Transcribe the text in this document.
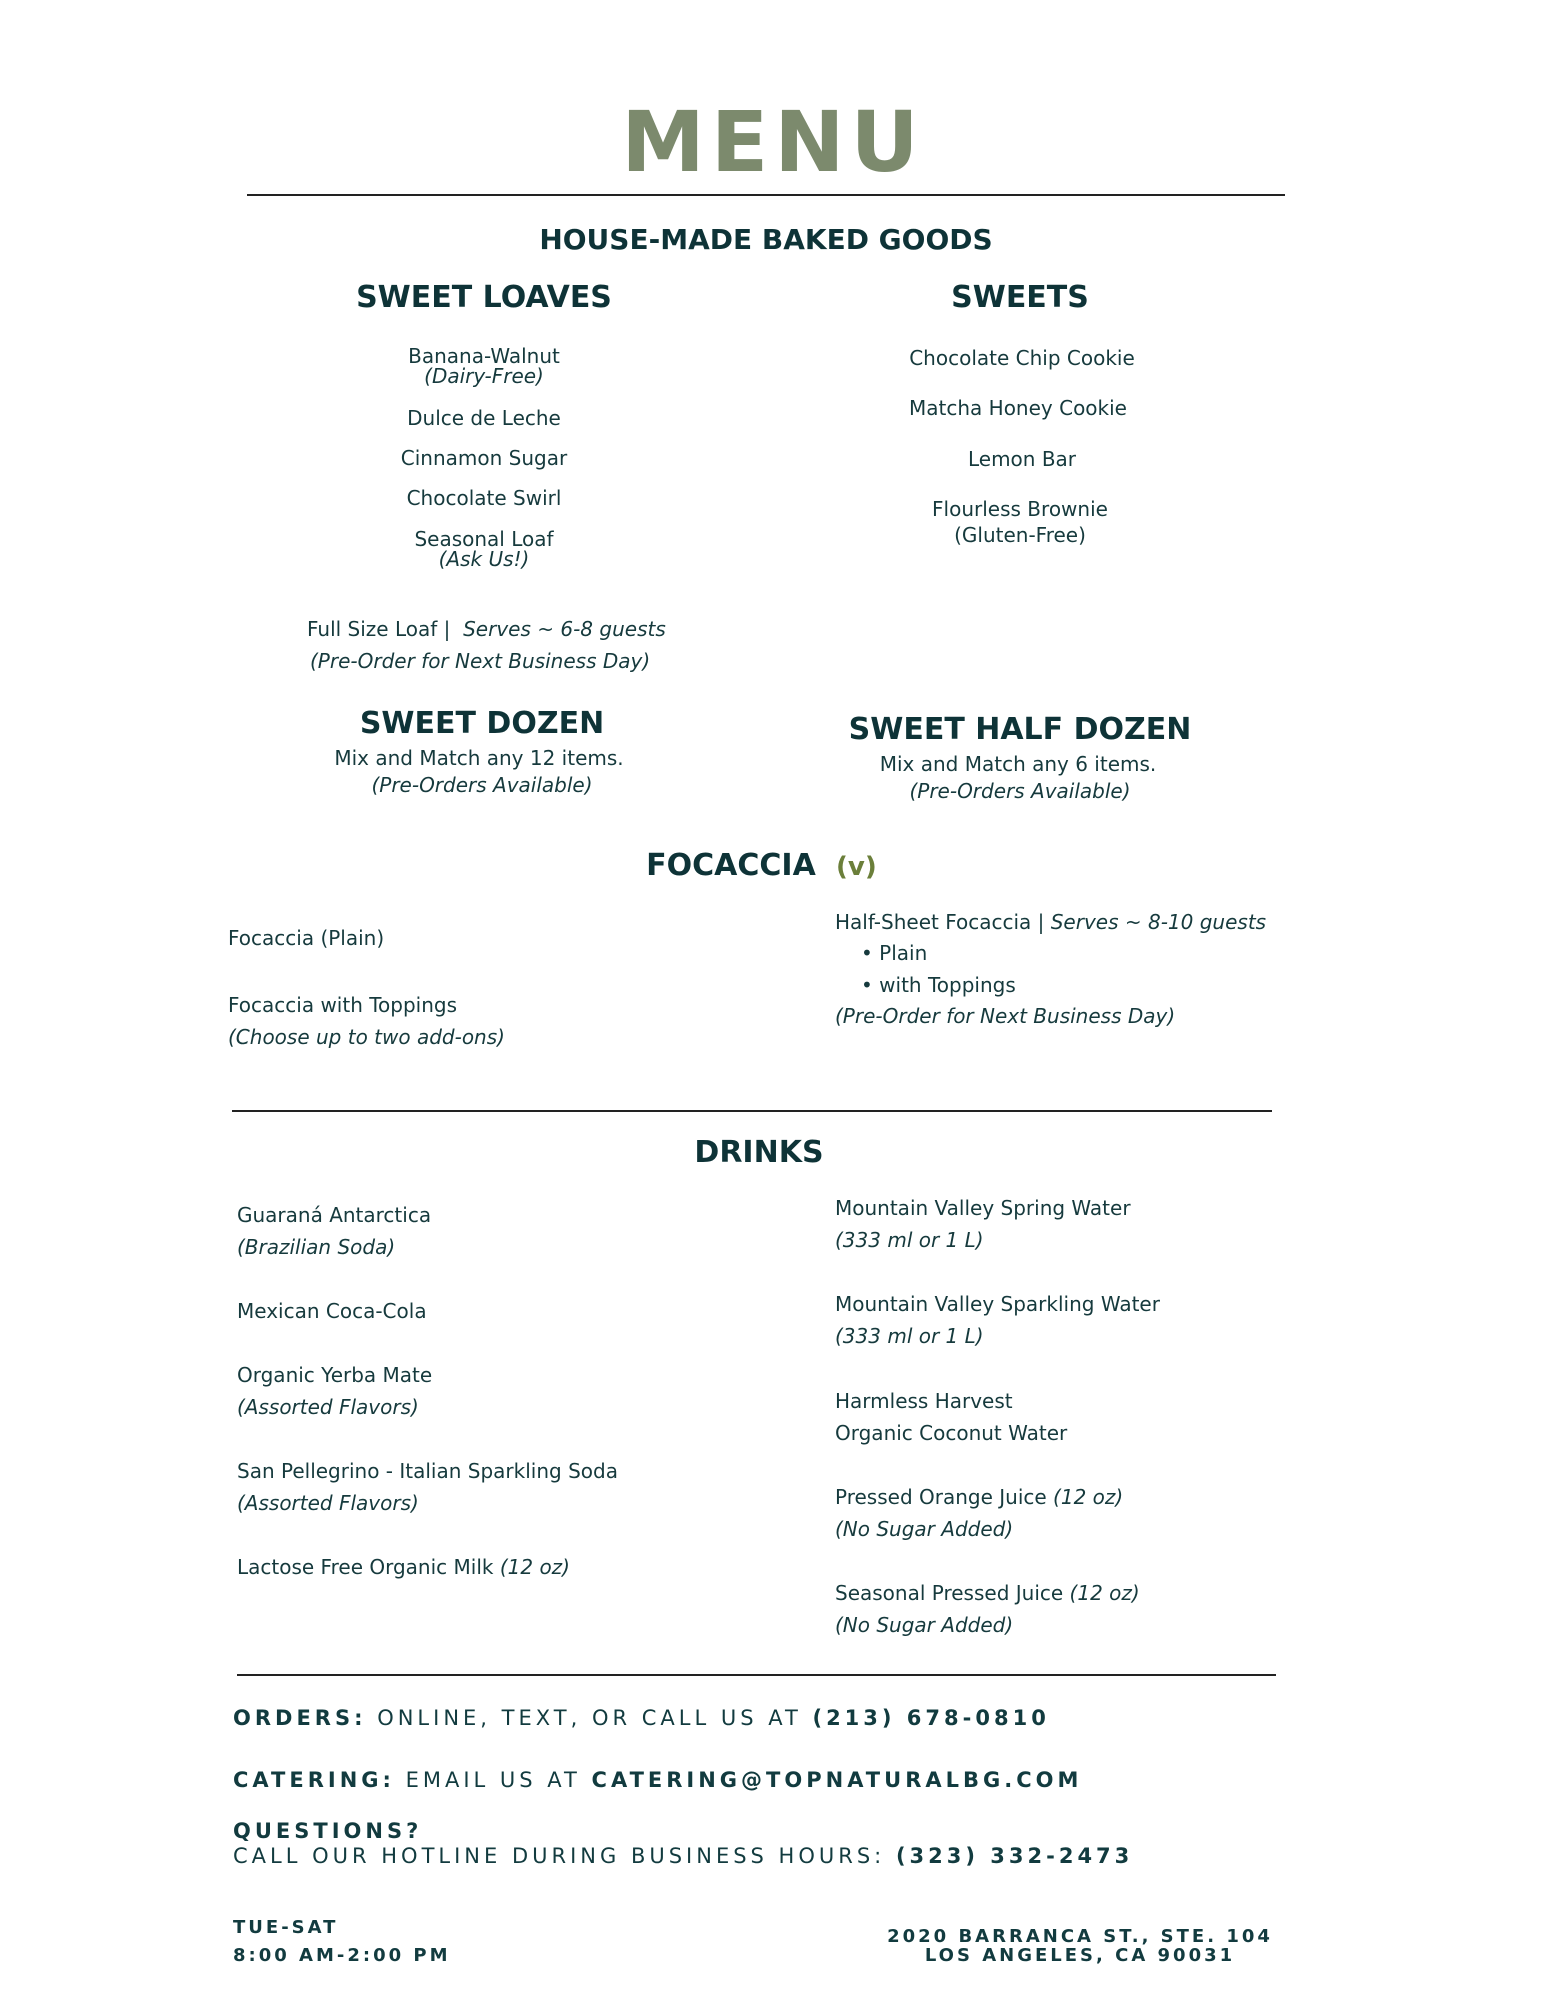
MENU
HOUSE-MADE BAKED GOODS
SWEET LOAVES
Banana-Walnut
(Dairy-Free)
Dulce de Leche
Cinnamon Sugar
Chocolate Swirl
Seasonal Loaf
(Ask Us!)
Full Size Loaf | Serves ~ 6-8 guests
(Pre-Order for Next Business Day)
SWEETS
Chocolate Chip Cookie
Matcha Honey Cookie
Lemon Bar
Flourless Brownie
(Gluten-Free)
SWEET DOZEN
Mix and Match any 12 items.
(Pre-Orders Available)
SWEET HALF DOZEN
Mix and Match any 6 items.
(Pre-Orders Available)
FOCACCIA (v)
Focaccia (Plain)
Focaccia with Toppings
(Choose up to two add-ons)
Half-Sheet Focaccia | Serves ~ 8-10 guests
• Plain
• with Toppings
(Pre-Order for Next Business Day)
DRINKS
Guaraná Antarctica
(Brazilian Soda)
Mexican Coca-Cola
Organic Yerba Mate
(Assorted Flavors)
San Pellegrino - Italian Sparkling Soda
(Assorted Flavors)
Lactose Free Organic Milk (12 oz)
Mountain Valley Spring Water
(333 ml or 1 L)
Mountain Valley Sparkling Water
(333 ml or 1 L)
Harmless Harvest
Organic Coconut Water
Pressed Orange Juice (12 oz)
(No Sugar Added)
Seasonal Pressed Juice (12 oz)
(No Sugar Added)
ORDERS: ONLINE, TEXT, OR CALL US AT (213) 678-0810
CATERING: EMAIL US AT CATERING@TOPNATURALBG.COM
QUESTIONS?
CALL OUR HOTLINE DURING BUSINESS HOURS: (323) 332-2473
TUE-SAT
8:00 AM-2:00 PM
2020 BARRANCA ST., STE. 104
LOS ANGELES, CA 90031
